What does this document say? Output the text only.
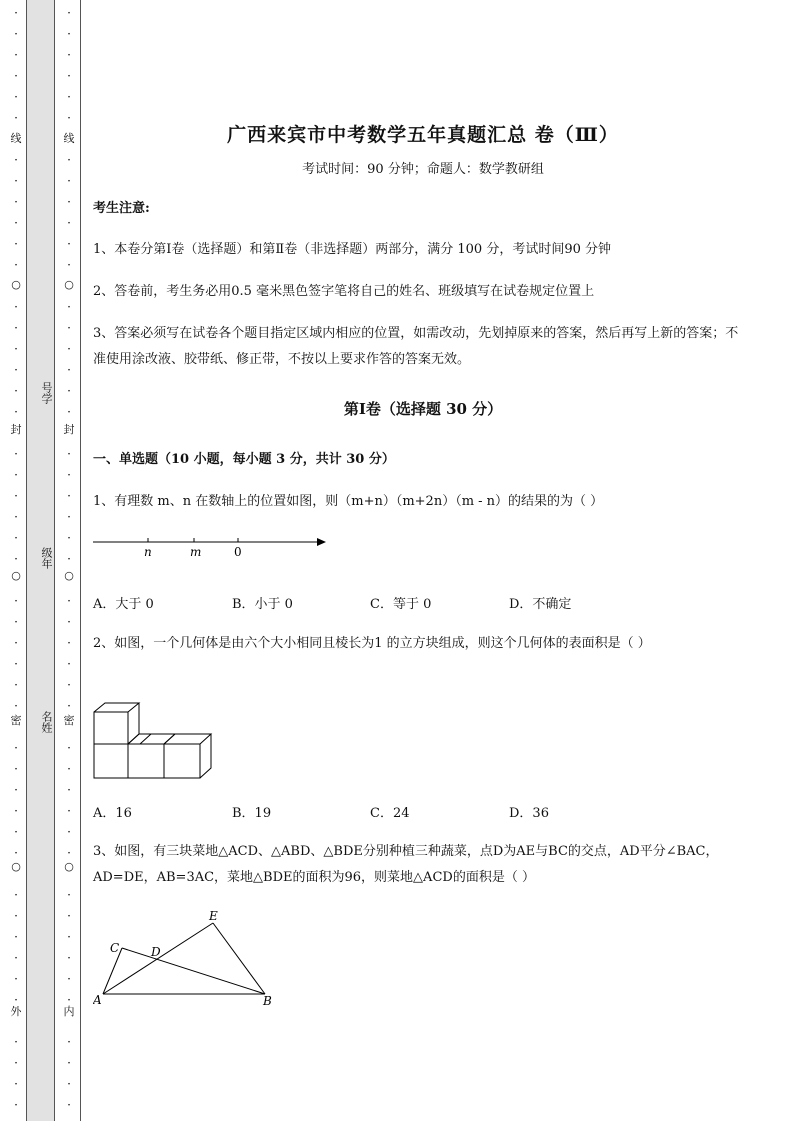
线
○
封
○
密
○
外
·
·
·
·
·
·
·
·
·
·
·
·
·
·
·
·
·
·
·
·
·
·
·
·
·
·
·
·
·
·
·
·
·
·
·
·
·
·
·
·
·
·
·
·
·
·
号学
级年
名姓
线
○
封
○
密
○
内
·
·
·
·
·
·
·
·
·
·
·
·
·
·
·
·
·
·
·
·
·
·
·
·
·
·
·
·
·
·
·
·
·
·
·
·
·
·
·
·
·
·
·
·
·
·
广西来宾市中考数学五年真题汇总 卷（Ⅲ）
考试时间：90 分钟；命题人：数学教研组
考生注意:
1、本卷分第Ⅰ卷（选择题）和第Ⅱ卷（非选择题）两部分，满分 100 分，考试时间90 分钟
2、答卷前，考生务必用0.5 毫米黑色签字笔将自己的姓名、班级填写在试卷规定位置上
3、答案必须写在试卷各个题目指定区域内相应的位置，如需改动，先划掉原来的答案，然后再写上新的答案；不准使用涂改液、胶带纸、修正带，不按以上要求作答的答案无效。
第Ⅰ卷（选择题 30 分）
一、单选题（10 小题，每小题 3 分，共计 30 分）
1、有理数 m、n 在数轴上的位置如图，则（m+n）（m+2n）（m - n）的结果的为（ ）
n	m	0
A．大于 0	B．小于 0	C．等于 0	D．不确定
2、如图，一个几何体是由六个大小相同且棱长为1 的立方块组成，则这个几何体的表面积是（ ）
A．16	B．19	C．24	D．36
3、如图，有三块菜地△ACD、△ABD、△BDE分别种植三种蔬菜，点D为AE与BC的交点，AD平分∠BAC，AD=DE，AB=3AC，菜地△BDE的面积为96，则菜地△ACD的面积是（ ）
E
C	D
A	B
